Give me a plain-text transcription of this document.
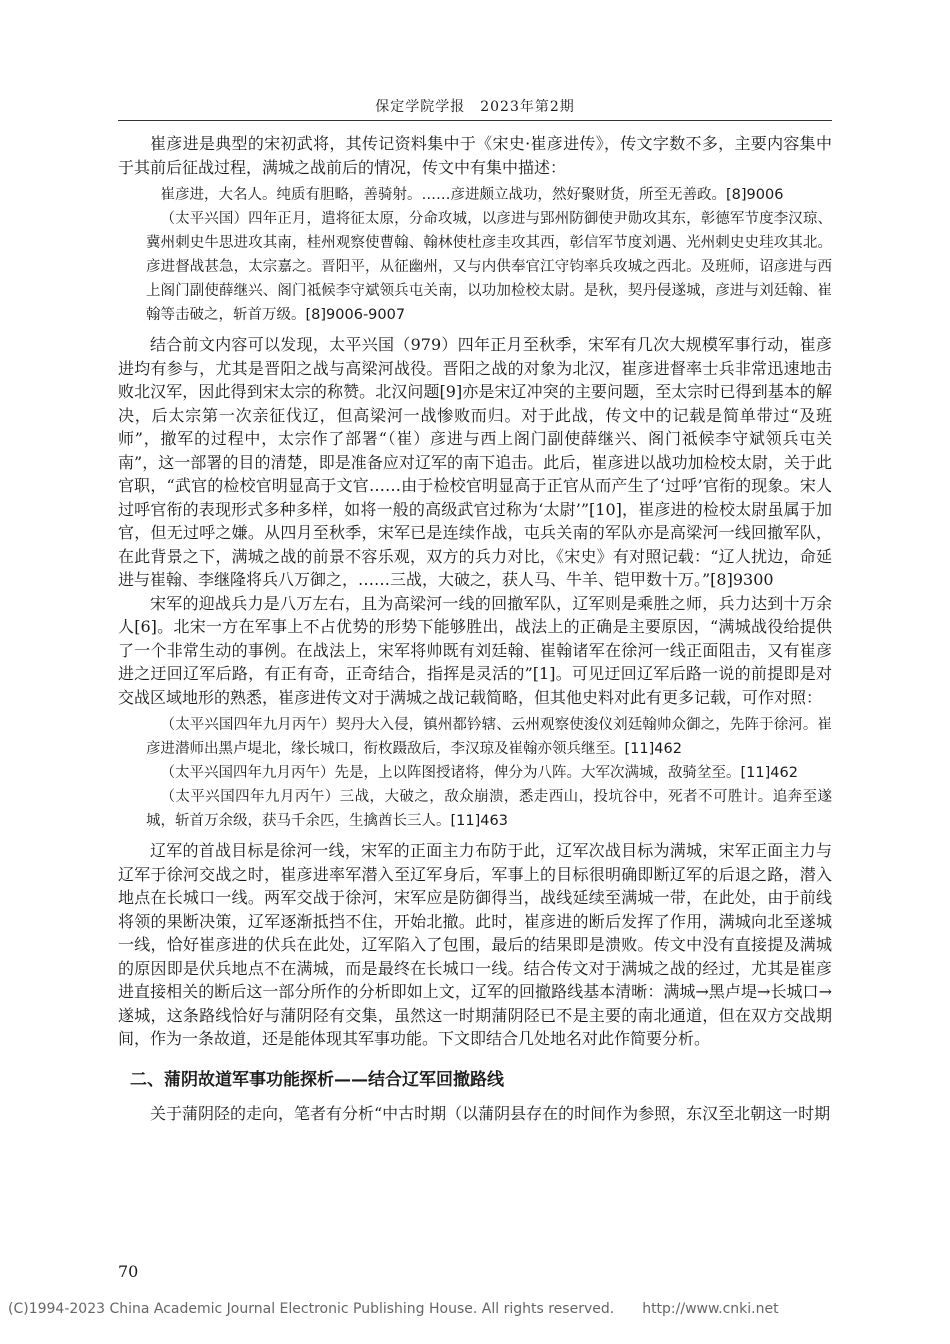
保定学院学报　2023年第2期

崔彦进是典型的宋初武将，其传记资料集中于《宋史·崔彦进传》，传文字数不多，主要内容集中于其前后征战过程，满城之战前后的情况，传文中有集中描述：

崔彦进，大名人。纯质有胆略，善骑射。……彦进颇立战功，然好聚财货，所至无善政。[8]9006

（太平兴国）四年正月，遣将征太原，分命攻城，以彦进与郢州防御使尹勋攻其东，彰德军节度李汉琼、冀州刺史牛思进攻其南，桂州观察使曹翰、翰林使杜彦圭攻其西，彰信军节度刘遇、光州刺史史珪攻其北。彦进督战甚急，太宗嘉之。晋阳平，从征幽州，又与内供奉官江守钧率兵攻城之西北。及班师，诏彦进与西上阁门副使薛继兴、阁门祗候李守斌领兵屯关南，以功加检校太尉。是秋，契丹侵遂城，彦进与刘廷翰、崔翰等击破之，斩首万级。[8]9006-9007

结合前文内容可以发现，太平兴国（979）四年正月至秋季，宋军有几次大规模军事行动，崔彦进均有参与，尤其是晋阳之战与高梁河战役。晋阳之战的对象为北汉，崔彦进督率士兵非常迅速地击败北汉军，因此得到宋太宗的称赞。北汉问题[9]亦是宋辽冲突的主要问题，至太宗时已得到基本的解决，后太宗第一次亲征伐辽，但高梁河一战惨败而归。对于此战，传文中的记载是简单带过“及班师”，撤军的过程中，太宗作了部署“（崔）彦进与西上阁门副使薛继兴、阁门祗候李守斌领兵屯关南”，这一部署的目的清楚，即是准备应对辽军的南下追击。此后，崔彦进以战功加检校太尉，关于此官职，“武官的检校官明显高于文官……由于检校官明显高于正官从而产生了‘过呼’官衔的现象。宋人过呼官衔的表现形式多种多样，如将一般的高级武官过称为‘太尉’”[10]，崔彦进的检校太尉虽属于加官，但无过呼之嫌。从四月至秋季，宋军已是连续作战，屯兵关南的军队亦是高梁河一线回撤军队，在此背景之下，满城之战的前景不容乐观，双方的兵力对比，《宋史》有对照记载：“辽人扰边，命延进与崔翰、李继隆将兵八万御之，……三战，大破之，获人马、牛羊、铠甲数十万。”[8]9300

宋军的迎战兵力是八万左右，且为高梁河一线的回撤军队，辽军则是乘胜之师，兵力达到十万余人[6]。北宋一方在军事上不占优势的形势下能够胜出，战法上的正确是主要原因，“满城战役给提供了一个非常生动的事例。在战法上，宋军将帅既有刘廷翰、崔翰诸军在徐河一线正面阻击，又有崔彦进之迂回辽军后路，有正有奇，正奇结合，指挥是灵活的”[1]。可见迂回辽军后路一说的前提即是对交战区域地形的熟悉，崔彦进传文对于满城之战记载简略，但其他史料对此有更多记载，可作对照：

（太平兴国四年九月丙午）契丹大入侵，镇州都钤辖、云州观察使浚仪刘廷翰帅众御之，先阵于徐河。崔彦进潜师出黑卢堤北，缘长城口，衔枚蹑敌后，李汉琼及崔翰亦领兵继至。[11]462

（太平兴国四年九月丙午）先是，上以阵图授诸将，俾分为八阵。大军次满城，敌骑坌至。[11]462

（太平兴国四年九月丙午）三战，大破之，敌众崩溃，悉走西山，投坑谷中，死者不可胜计。追奔至遂城，斩首万余级，获马千余匹，生擒酋长三人。[11]463

辽军的首战目标是徐河一线，宋军的正面主力布防于此，辽军次战目标为满城，宋军正面主力与辽军于徐河交战之时，崔彦进率军潜入至辽军身后，军事上的目标很明确即断辽军的后退之路，潜入地点在长城口一线。两军交战于徐河，宋军应是防御得当，战线延续至满城一带，在此处，由于前线将领的果断决策，辽军逐渐抵挡不住，开始北撤。此时，崔彦进的断后发挥了作用，满城向北至遂城一线，恰好崔彦进的伏兵在此处，辽军陷入了包围，最后的结果即是溃败。传文中没有直接提及满城的原因即是伏兵地点不在满城，而是最终在长城口一线。结合传文对于满城之战的经过，尤其是崔彦进直接相关的断后这一部分所作的分析即如上文，辽军的回撤路线基本清晰：满城→黑卢堤→长城口→遂城，这条路线恰好与蒲阴陉有交集，虽然这一时期蒲阴陉已不是主要的南北通道，但在双方交战期间，作为一条故道，还是能体现其军事功能。下文即结合几处地名对此作简要分析。

二、蒲阴故道军事功能探析——结合辽军回撤路线

关于蒲阴陉的走向，笔者有分析“中古时期（以蒲阴县存在的时间作为参照，东汉至北朝这一时期

70
(C)1994-2023 China Academic Journal Electronic Publishing House. All rights reserved.　　http://www.cnki.net
